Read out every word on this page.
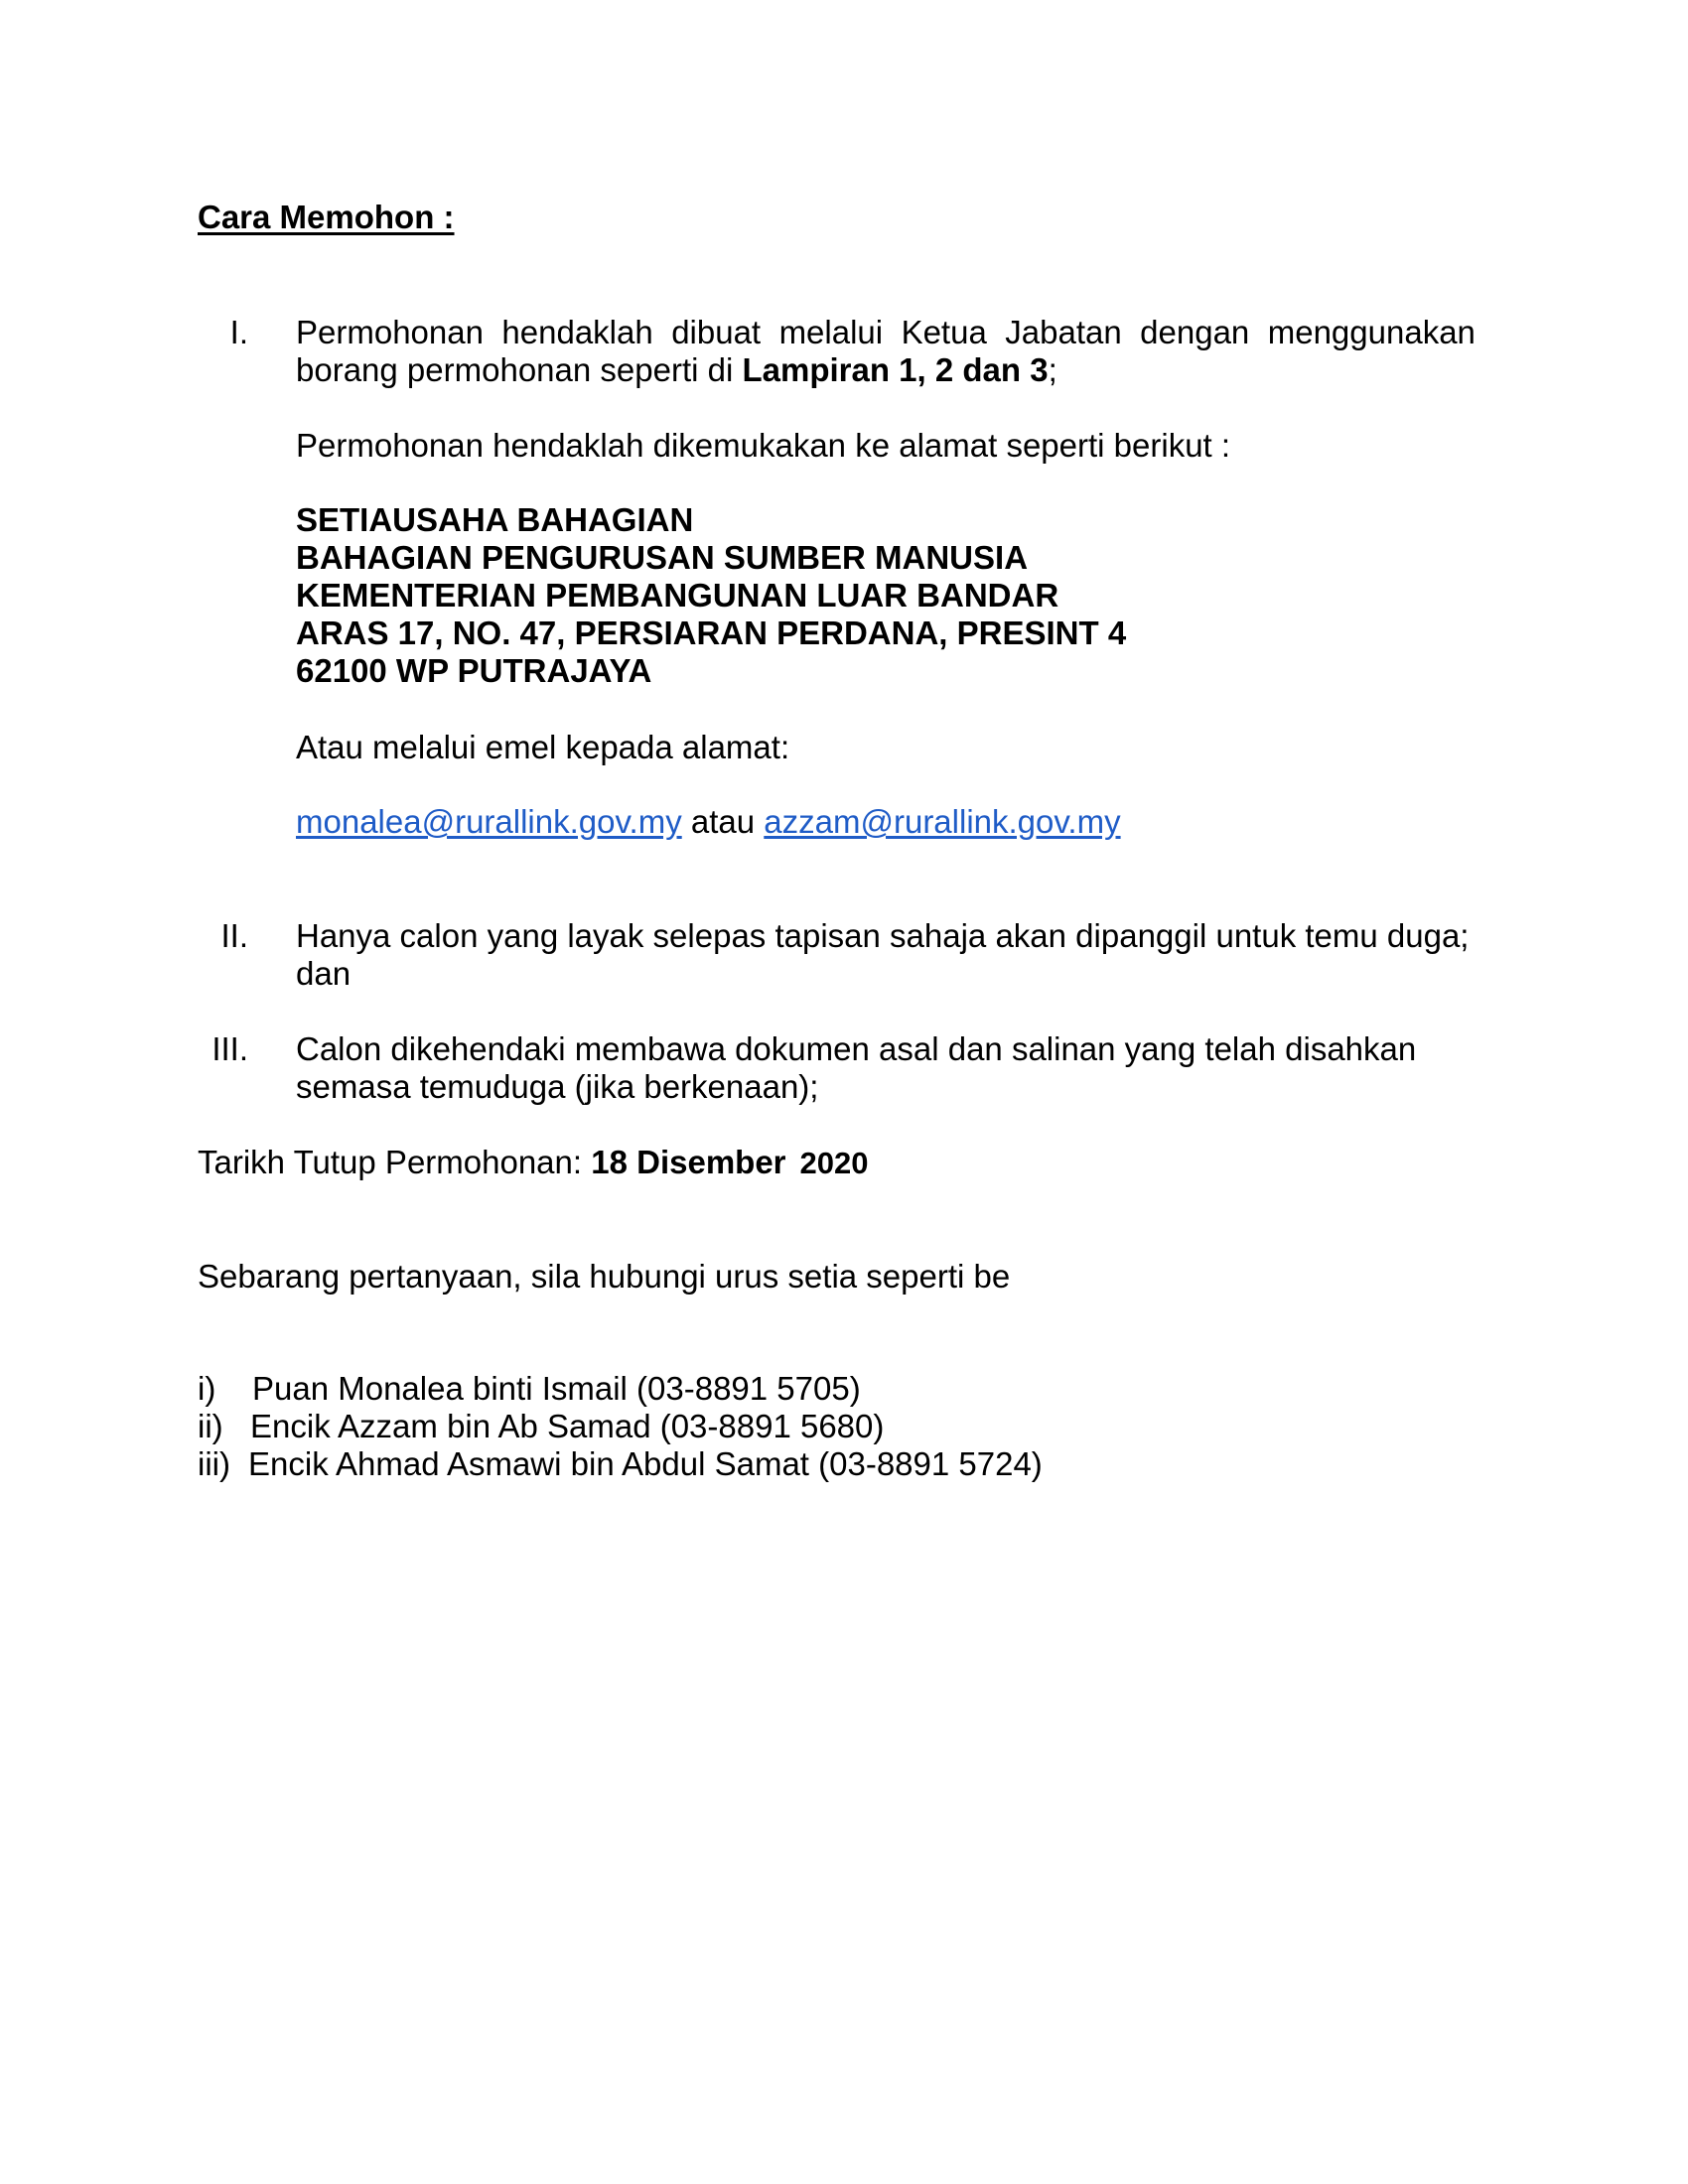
Cara Memohon :
I. Permohonan hendaklah dibuat melalui Ketua Jabatan dengan menggunakan
borang permohonan seperti di Lampiran 1, 2 dan 3;
Permohonan hendaklah dikemukakan ke alamat seperti berikut :
SETIAUSAHA BAHAGIAN
BAHAGIAN PENGURUSAN SUMBER MANUSIA
KEMENTERIAN PEMBANGUNAN LUAR BANDAR
ARAS 17, NO. 47, PERSIARAN PERDANA, PRESINT 4
62100 WP PUTRAJAYA
Atau melalui emel kepada alamat:
monalea@rurallink.gov.my atau azzam@rurallink.gov.my
II. Hanya calon yang layak selepas tapisan sahaja akan dipanggil untuk temu duga;
dan
III. Calon dikehendaki membawa dokumen asal dan salinan yang telah disahkan
semasa temuduga (jika berkenaan);
Tarikh Tutup Permohonan: 18 Disember 2020
Sebarang pertanyaan, sila hubungi urus setia seperti be
i) Puan Monalea binti Ismail (03-8891 5705)
ii) Encik Azzam bin Ab Samad (03-8891 5680)
iii) Encik Ahmad Asmawi bin Abdul Samat (03-8891 5724)
